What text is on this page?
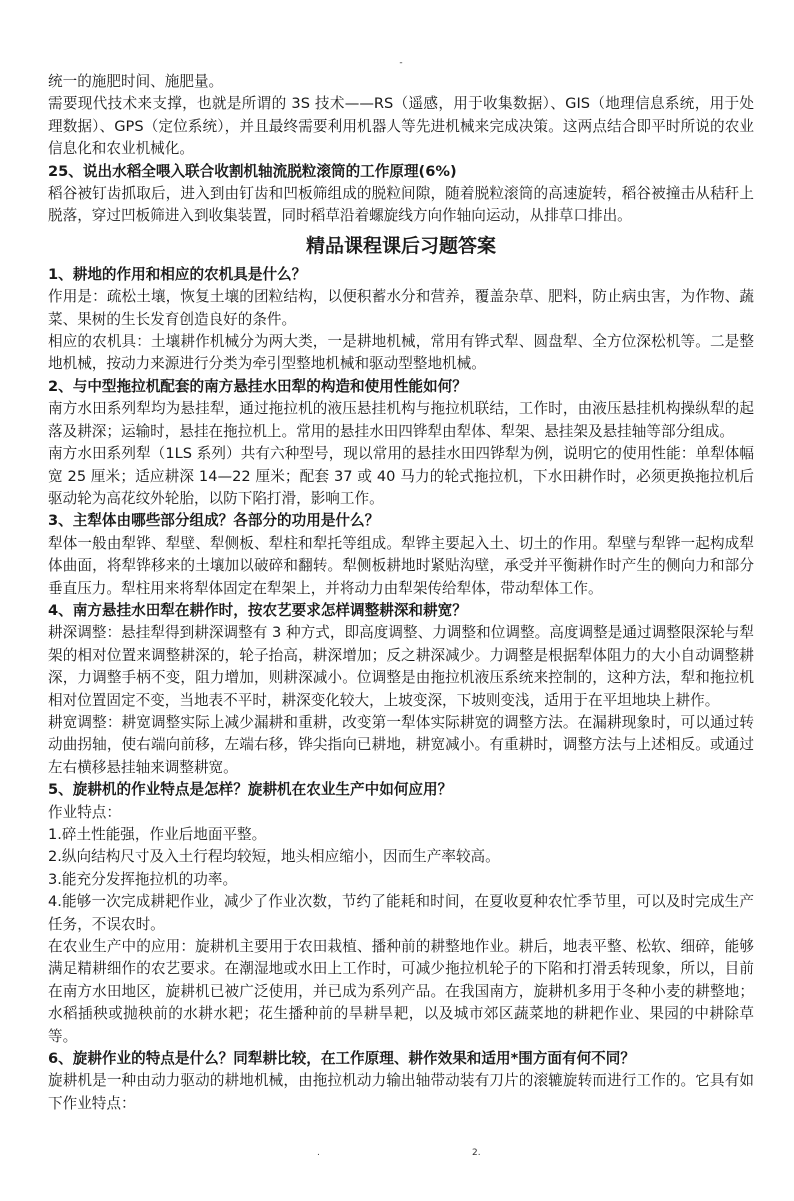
-

统一的施肥时间、施肥量。

需要现代技术来支撑，也就是所谓的 3S 技术——RS（遥感，用于收集数据）、GIS（地理信息系统，用于处理数据）、GPS（定位系统），并且最终需要利用机器人等先进机械来完成决策。这两点结合即平时所说的农业信息化和农业机械化。

25、说出水稻全喂入联合收割机轴流脱粒滚筒的工作原理(6%)

稻谷被钉齿抓取后，进入到由钉齿和凹板筛组成的脱粒间隙，随着脱粒滚筒的高速旋转，稻谷被撞击从秸秆上脱落，穿过凹板筛进入到收集装置，同时稻草沿着螺旋线方向作轴向运动，从排草口排出。

精品课程课后习题答案

1、耕地的作用和相应的农机具是什么？

作用是：疏松土壤，恢复土壤的团粒结构，以便积蓄水分和营养，覆盖杂草、肥料，防止病虫害，为作物、蔬菜、果树的生长发育创造良好的条件。

相应的农机具：土壤耕作机械分为两大类，一是耕地机械，常用有铧式犁、圆盘犁、全方位深松机等。二是整地机械，按动力来源进行分类为牵引型整地机械和驱动型整地机械。

2、与中型拖拉机配套的南方悬挂水田犁的构造和使用性能如何？

南方水田系列犁均为悬挂犁，通过拖拉机的液压悬挂机构与拖拉机联结，工作时，由液压悬挂机构操纵犁的起落及耕深；运输时，悬挂在拖拉机上。常用的悬挂水田四铧犁由犁体、犁架、悬挂架及悬挂轴等部分组成。

南方水田系列犁（1LS 系列）共有六种型号，现以常用的悬挂水田四铧犁为例，说明它的使用性能：单犁体幅宽 25 厘米；适应耕深 14—22 厘米；配套 37 或 40 马力的轮式拖拉机，下水田耕作时，必须更换拖拉机后驱动轮为高花纹外轮胎，以防下陷打滑，影响工作。

3、主犁体由哪些部分组成？各部分的功用是什么？

犁体一般由犁铧、犁壁、犁侧板、犁柱和犁托等组成。犁铧主要起入土、切土的作用。犁壁与犁铧一起构成犁体曲面，将犁铧移来的土壤加以破碎和翻转。犁侧板耕地时紧贴沟壁，承受并平衡耕作时产生的侧向力和部分垂直压力。犁柱用来将犁体固定在犁架上，并将动力由犁架传给犁体，带动犁体工作。

4、南方悬挂水田犁在耕作时，按农艺要求怎样调整耕深和耕宽？

耕深调整：悬挂犁得到耕深调整有 3 种方式，即高度调整、力调整和位调整。高度调整是通过调整限深轮与犁架的相对位置来调整耕深的，轮子抬高，耕深增加；反之耕深减少。力调整是根据犁体阻力的大小自动调整耕深，力调整手柄不变，阻力增加，则耕深减小。位调整是由拖拉机液压系统来控制的，这种方法，犁和拖拉机相对位置固定不变，当地表不平时，耕深变化较大，上坡变深，下坡则变浅，适用于在平坦地块上耕作。

耕宽调整：耕宽调整实际上减少漏耕和重耕，改变第一犁体实际耕宽的调整方法。在漏耕现象时，可以通过转动曲拐轴，使右端向前移，左端右移，铧尖指向已耕地，耕宽减小。有重耕时，调整方法与上述相反。或通过左右横移悬挂轴来调整耕宽。

5、旋耕机的作业特点是怎样？旋耕机在农业生产中如何应用？

作业特点：

1.碎土性能强，作业后地面平整。

2.纵向结构尺寸及入土行程均较短，地头相应缩小，因而生产率较高。

3.能充分发挥拖拉机的功率。

4.能够一次完成耕耙作业，减少了作业次数，节约了能耗和时间，在夏收夏种农忙季节里，可以及时完成生产任务，不误农时。

在农业生产中的应用：旋耕机主要用于农田栽植、播种前的耕整地作业。耕后，地表平整、松软、细碎，能够满足精耕细作的农艺要求。在潮湿地或水田上工作时，可减少拖拉机轮子的下陷和打滑丢转现象，所以，目前在南方水田地区，旋耕机已被广泛使用，并已成为系列产品。在我国南方，旋耕机多用于冬种小麦的耕整地；水稻插秧或抛秧前的水耕水耙；花生播种前的旱耕旱耙，以及城市郊区蔬菜地的耕耙作业、果园的中耕除草等。

6、旋耕作业的特点是什么？同犁耕比较，在工作原理、耕作效果和适用*围方面有何不同？

旋耕机是一种由动力驱动的耕地机械，由拖拉机动力输出轴带动装有刀片的滚辘旋转而进行工作的。它具有如下作业特点：

.	2.
